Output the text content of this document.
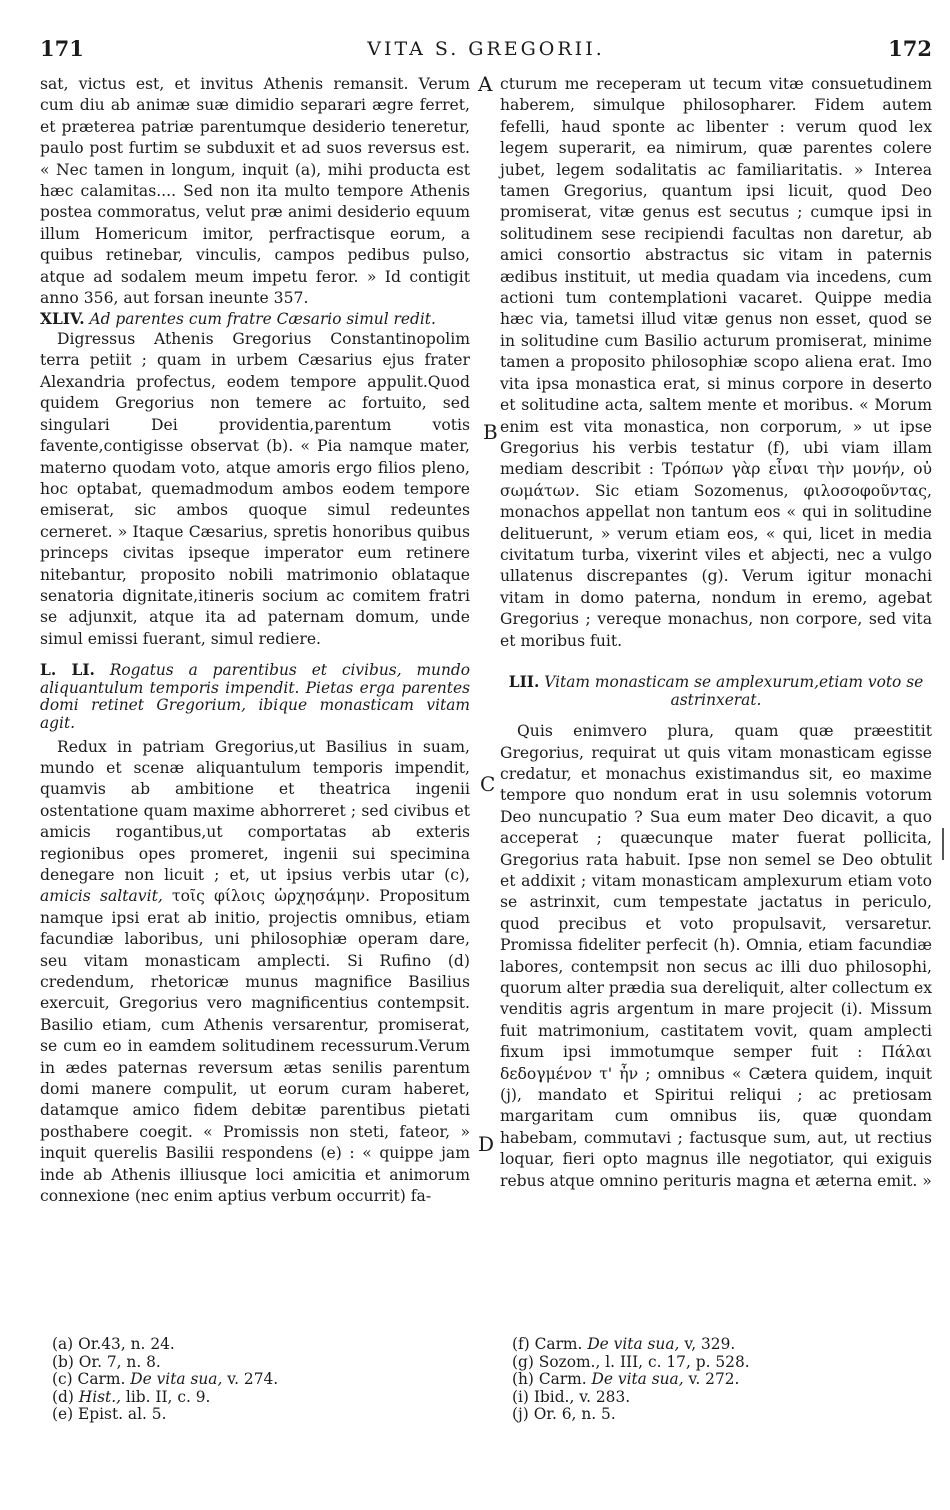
171	VITA S. GREGORII.	172
A
B
C
D

sat, victus est, et invitus Athenis remansit. Verum cum diu ab animæ suæ dimidio separari ægre ferret, et præterea patriæ parentumque desiderio teneretur, paulo post furtim se subduxit et ad suos reversus est. « Nec tamen in longum, inquit (a), mihi producta est hæc calamitas.... Sed non ita multo tempore Athenis postea commoratus, velut præ animi desiderio equum illum Homericum imitor, perfractisque eorum, a quibus retinebar, vinculis, campos pedibus pulso, atque ad sodalem meum impetu feror. » Id contigit anno 356, aut forsan ineunte 357.

XLIV. Ad parentes cum fratre Cæsario simul redit.

Digressus Athenis Gregorius Constantinopolim terra petiit ; quam in urbem Cæsarius ejus frater Alexandria profectus, eodem tempore appulit.Quod quidem Gregorius non temere ac fortuito, sed singulari Dei providentia,parentum votis favente,contigisse observat (b). « Pia namque mater, materno quodam voto, atque amoris ergo filios pleno, hoc optabat, quemadmodum ambos eodem tempore emiserat, sic ambos quoque simul redeuntes cerneret. » Itaque Cæsarius, spretis honoribus quibus princeps civitas ipseque imperator eum retinere nitebantur, proposito nobili matrimonio oblataque senatoria dignitate,itineris socium ac comitem fratri se adjunxit, atque ita ad paternam domum, unde simul emissi fuerant, simul rediere.

L. LI. Rogatus a parentibus et civibus, mundo aliquantulum temporis impendit. Pietas erga parentes domi retinet Gregorium, ibique monasticam vitam agit.

Redux in patriam Gregorius,ut Basilius in suam, mundo et scenæ aliquantulum temporis impendit, quamvis ab ambitione et theatrica ingenii ostentatione quam maxime abhorreret ; sed civibus et amicis rogantibus,ut comportatas ab exteris regionibus opes promeret, ingenii sui specimina denegare non licuit ; et, ut ipsius verbis utar (c), amicis saltavit, τοῖς φίλοις ὠρχησάμην. Propositum namque ipsi erat ab initio, projectis omnibus, etiam facundiæ laboribus, uni philosophiæ operam dare, seu vitam monasticam amplecti. Si Rufino (d) credendum, rhetoricæ munus magnifice Basilius exercuit, Gregorius vero magnificentius contempsit. Basilio etiam, cum Athenis versarentur, promiserat, se cum eo in eamdem solitudinem recessurum.Verum in ædes paternas reversum ætas senilis parentum domi manere compulit, ut eorum curam haberet, datamque amico fidem debitæ parentibus pietati posthabere coegit. « Promissis non steti, fateor, » inquit querelis Basilii respondens (e) : « quippe jam inde ab Athenis illiusque loci amicitia et animorum connexione (nec enim aptius verbum occurrit) fa-

cturum me receperam ut tecum vitæ consuetudinem haberem, simulque philosopharer. Fidem autem fefelli, haud sponte ac libenter : verum quod lex legem superarit, ea nimirum, quæ parentes colere jubet, legem sodalitatis ac familiaritatis. » Interea tamen Gregorius, quantum ipsi licuit, quod Deo promiserat, vitæ genus est secutus ; cumque ipsi in solitudinem sese recipiendi facultas non daretur, ab amici consortio abstractus sic vitam in paternis ædibus instituit, ut media quadam via incedens, cum actioni tum contemplationi vacaret. Quippe media hæc via, tametsi illud vitæ genus non esset, quod se in solitudine cum Basilio acturum promiserat, minime tamen a proposito philosophiæ scopo aliena erat. Imo vita ipsa monastica erat, si minus corpore in deserto et solitudine acta, saltem mente et moribus. « Morum enim est vita monastica, non corporum, » ut ipse Gregorius his verbis testatur (f), ubi viam illam mediam describit : Τρόπων γὰρ εἶναι τὴν μονήν, οὐ σωμάτων. Sic etiam Sozomenus, φιλοσοφοῦντας, monachos appellat non tantum eos « qui in solitudine delituerunt, » verum etiam eos, « qui, licet in media civitatum turba, vixerint viles et abjecti, nec a vulgo ullatenus discrepantes (g). Verum igitur monachi vitam in domo paterna, nondum in eremo, agebat Gregorius ; vereque monachus, non corpore, sed vita et moribus fuit.

LII. Vitam monasticam se amplexurum,etiam voto se astrinxerat.

Quis enimvero plura, quam quæ præestitit Gregorius, requirat ut quis vitam monasticam egisse credatur, et monachus existimandus sit, eo maxime tempore quo nondum erat in usu solemnis votorum Deo nuncupatio ? Sua eum mater Deo dicavit, a quo acceperat ; quæcunque mater fuerat pollicita, Gregorius rata habuit. Ipse non semel se Deo obtulit et addixit ; vitam monasticam amplexurum etiam voto se astrinxit, cum tempestate jactatus in periculo, quod precibus et voto propulsavit, versaretur. Promissa fideliter perfecit (h). Omnia, etiam facundiæ labores, contempsit non secus ac illi duo philosophi, quorum alter prædia sua dereliquit, alter collectum ex venditis agris argentum in mare projecit (i). Missum fuit matrimonium, castitatem vovit, quam amplecti fixum ipsi immotumque semper fuit : Πάλαι δεδογμένον τ' ἦν ; omnibus « Cætera quidem, inquit (j), mandato et Spiritui reliqui ; ac pretiosam margaritam cum omnibus iis, quæ quondam habebam, commutavi ; factusque sum, aut, ut rectius loquar, fieri opto magnus ille negotiator, qui exiguis rebus atque omnino perituris magna et æterna emit. »

(a) Or.43, n. 24.
(b) Or. 7, n. 8.
(c) Carm. De vita sua, v. 274.
(d) Hist., lib. II, c. 9.
(e) Epist. al. 5.
(f) Carm. De vita sua, v, 329.
(g) Sozom., l. III, c. 17, p. 528.
(h) Carm. De vita sua, v. 272.
(i) Ibid., v. 283.
(j) Or. 6, n. 5.
